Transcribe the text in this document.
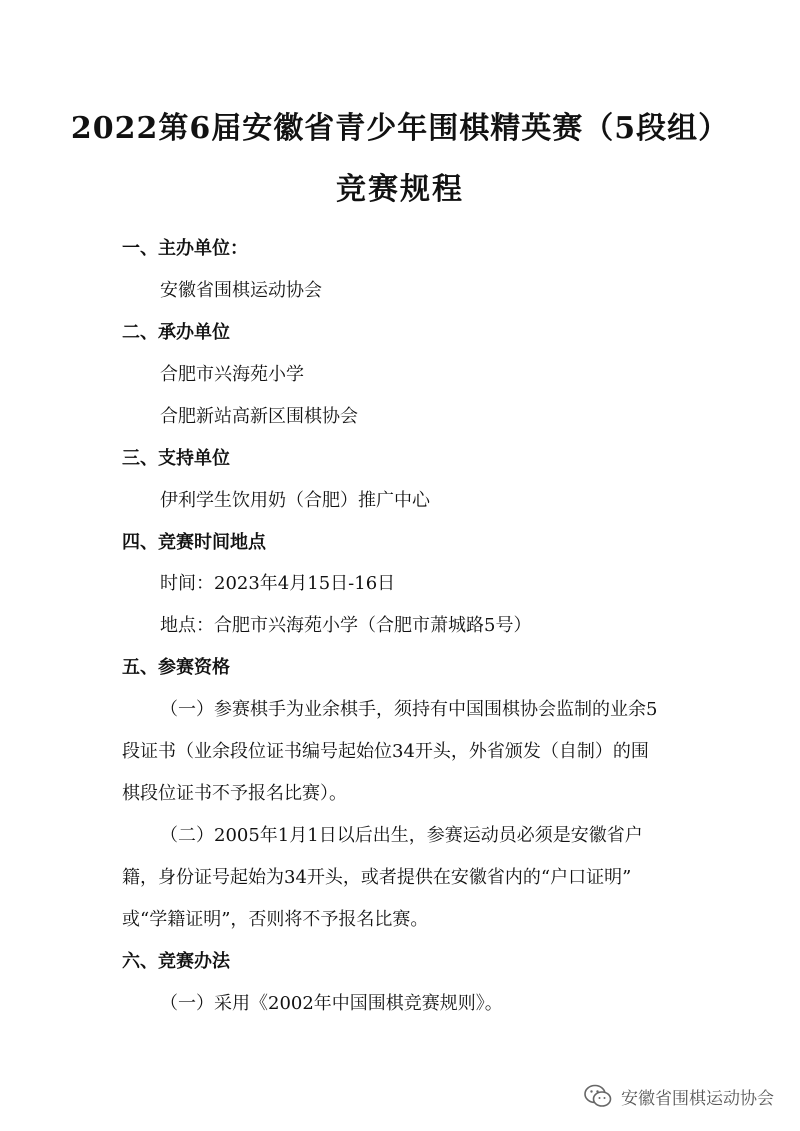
2022第6届安徽省青少年围棋精英赛（5段组）
竞赛规程
一、主办单位：
安徽省围棋运动协会
二、承办单位
合肥市兴海苑小学
合肥新站高新区围棋协会
三、支持单位
伊利学生饮用奶（合肥）推广中心
四、竞赛时间地点
时间：2023年4月15日-16日
地点：合肥市兴海苑小学（合肥市萧城路5号）
五、参赛资格
（一）参赛棋手为业余棋手，须持有中国围棋协会监制的业余5
段证书（业余段位证书编号起始位34开头，外省颁发（自制）的围
棋段位证书不予报名比赛）。
（二）2005年1月1日以后出生，参赛运动员必须是安徽省户
籍，身份证号起始为34开头，或者提供在安徽省内的“户口证明”
或“学籍证明”，否则将不予报名比赛。
六、竞赛办法
（一）采用《2002年中国围棋竞赛规则》。
安徽省围棋运动协会
